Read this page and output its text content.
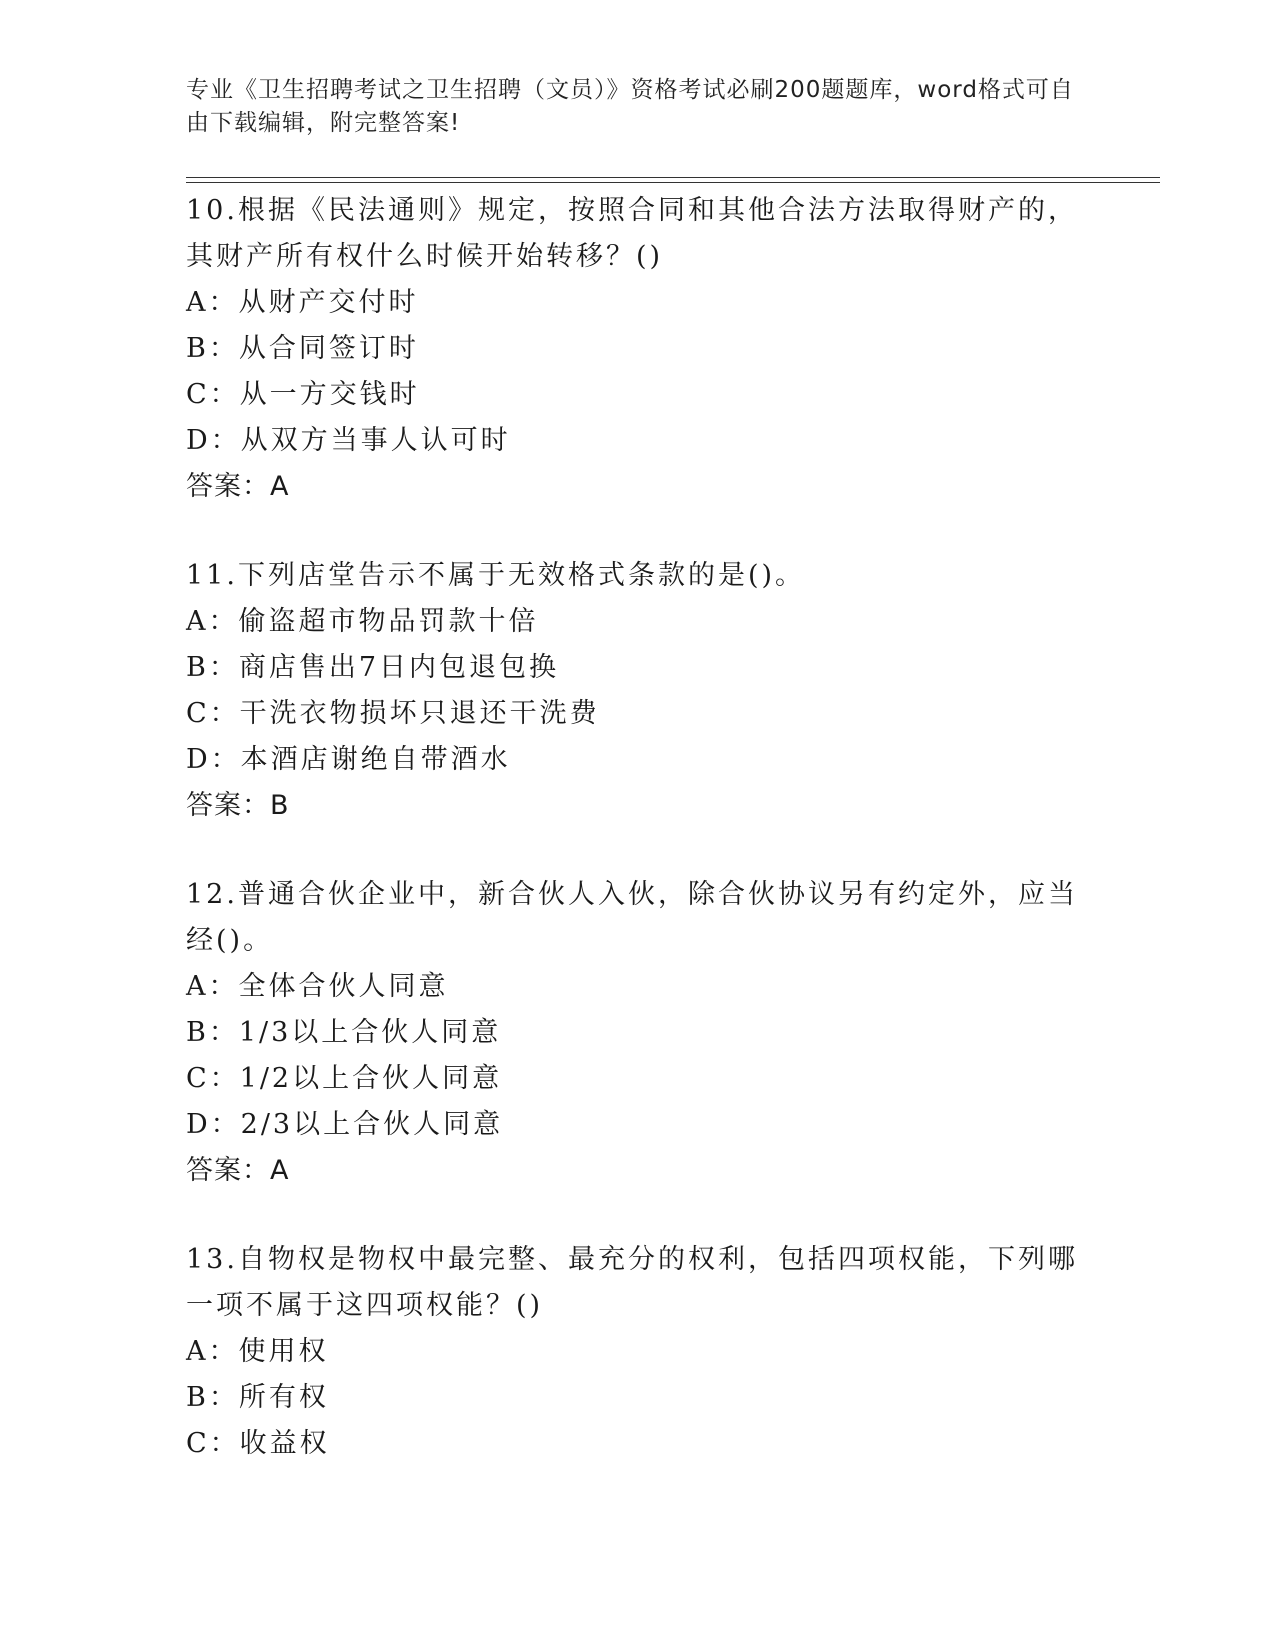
专业《卫生招聘考试之卫生招聘（文员）》资格考试必刷200题题库，word格式可自由下载编辑，附完整答案!

10.根据《民法通则》规定，按照合同和其他合法方法取得财产的，其财产所有权什么时候开始转移？()

A：从财产交付时

B：从合同签订时

C：从一方交钱时

D：从双方当事人认可时

答案：A

11.下列店堂告示不属于无效格式条款的是()。

A：偷盗超市物品罚款十倍

B：商店售出7日内包退包换

C：干洗衣物损坏只退还干洗费

D：本酒店谢绝自带酒水

答案：B

12.普通合伙企业中，新合伙人入伙，除合伙协议另有约定外，应当经()。

A：全体合伙人同意

B：1/3以上合伙人同意

C：1/2以上合伙人同意

D：2/3以上合伙人同意

答案：A

13.自物权是物权中最完整、最充分的权利，包括四项权能，下列哪一项不属于这四项权能？()

A：使用权

B：所有权

C：收益权
